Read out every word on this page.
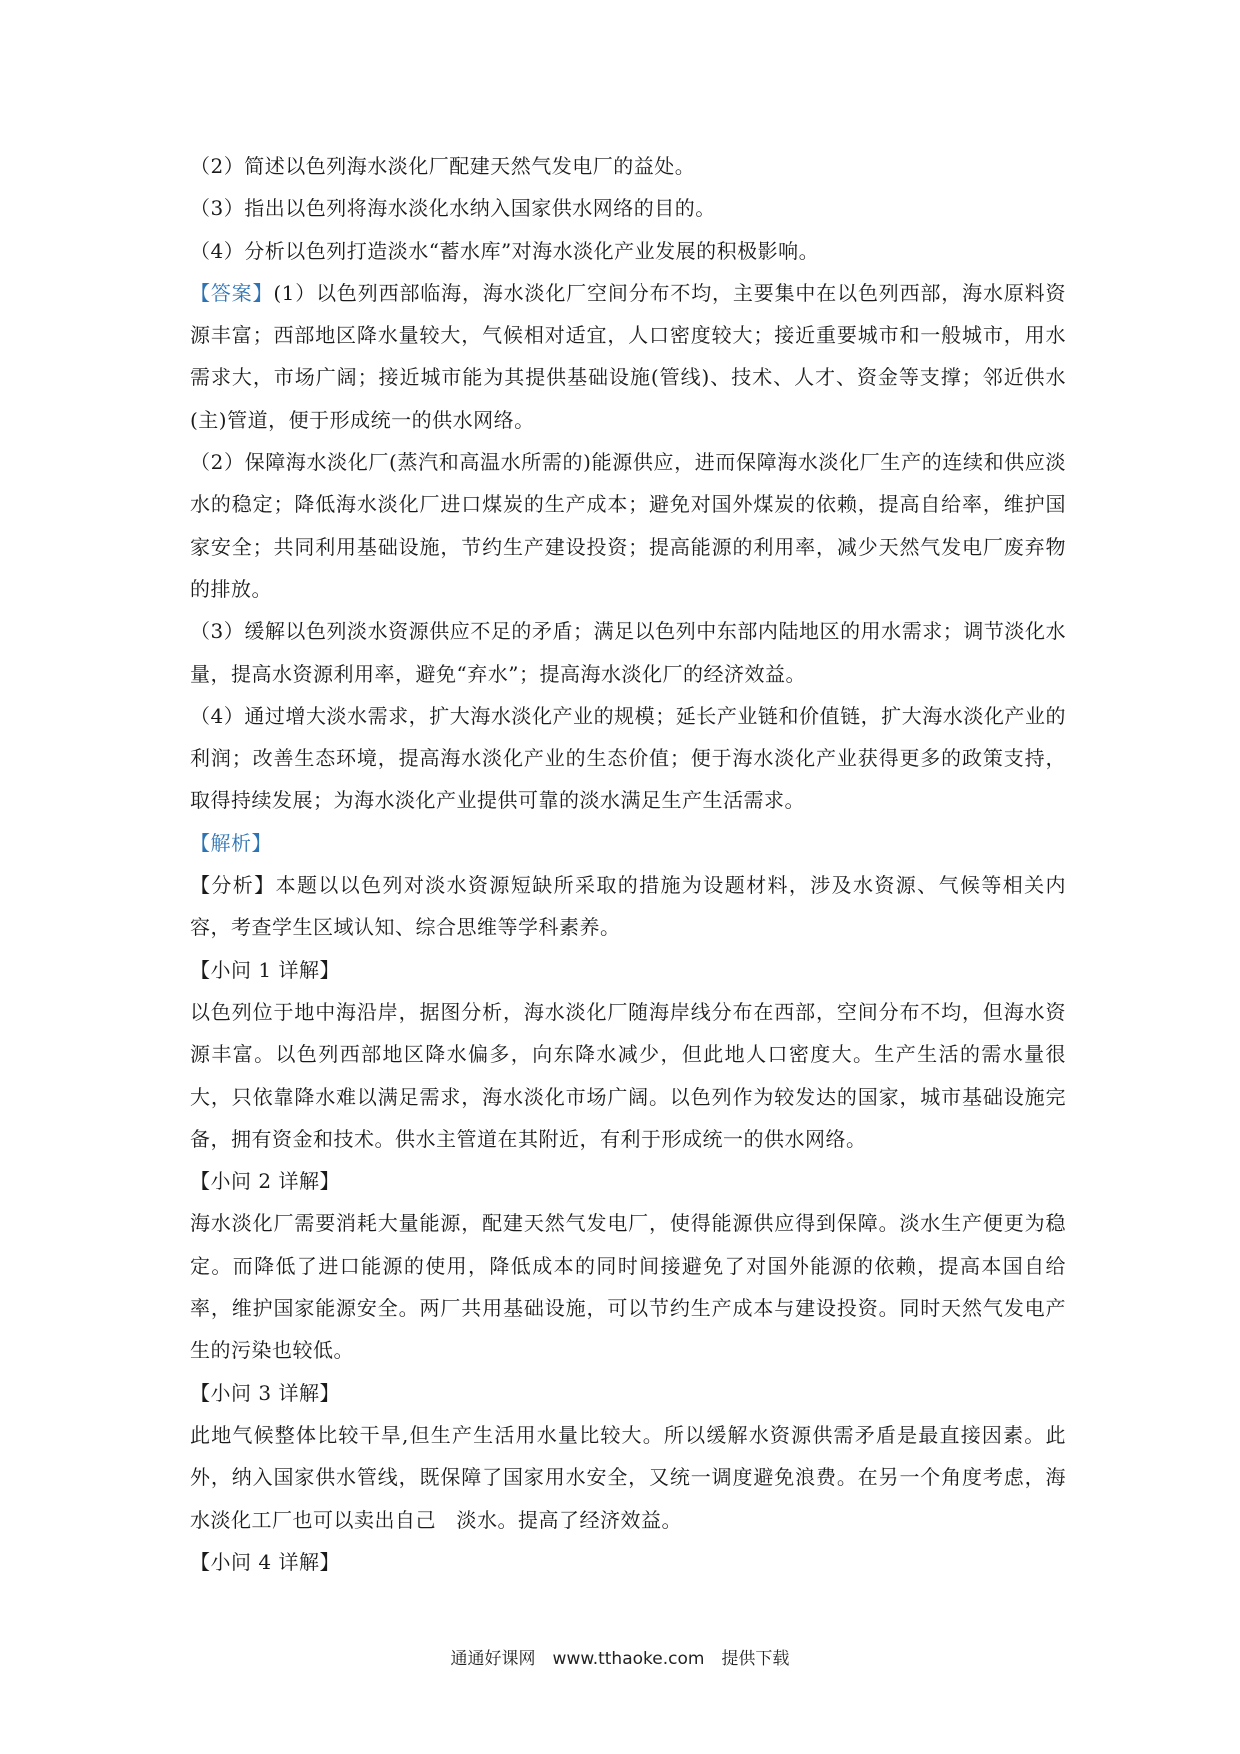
（2）简述以色列海水淡化厂配建天然气发电厂的益处。

（3）指出以色列将海水淡化水纳入国家供水网络的目的。

（4）分析以色列打造淡水“蓄水库”对海水淡化产业发展的积极影响。

【答案】(1）以色列西部临海，海水淡化厂空间分布不均，主要集中在以色列西部，海水原料资源丰富；西部地区降水量较大，气候相对适宜，人口密度较大；接近重要城市和一般城市，用水需求大，市场广阔；接近城市能为其提供基础设施(管线)、技术、人才、资金等支撑；邻近供水(主)管道，便于形成统一的供水网络。

（2）保障海水淡化厂(蒸汽和高温水所需的)能源供应，进而保障海水淡化厂生产的连续和供应淡水的稳定；降低海水淡化厂进口煤炭的生产成本；避免对国外煤炭的依赖，提高自给率，维护国家安全；共同利用基础设施，节约生产建设投资；提高能源的利用率，减少天然气发电厂废弃物的排放。

（3）缓解以色列淡水资源供应不足的矛盾；满足以色列中东部内陆地区的用水需求；调节淡化水量，提高水资源利用率，避免“弃水”；提高海水淡化厂的经济效益。

（4）通过增大淡水需求，扩大海水淡化产业的规模；延长产业链和价值链，扩大海水淡化产业的利润；改善生态环境，提高海水淡化产业的生态价值；便于海水淡化产业获得更多的政策支持，取得持续发展；为海水淡化产业提供可靠的淡水满足生产生活需求。

【解析】

【分析】本题以以色列对淡水资源短缺所采取的措施为设题材料，涉及水资源、气候等相关内容，考查学生区域认知、综合思维等学科素养。

【小问 1 详解】

以色列位于地中海沿岸，据图分析，海水淡化厂随海岸线分布在西部，空间分布不均，但海水资源丰富。以色列西部地区降水偏多，向东降水减少，但此地人口密度大。生产生活的需水量很大，只依靠降水难以满足需求，海水淡化市场广阔。以色列作为较发达的国家，城市基础设施完备，拥有资金和技术。供水主管道在其附近，有利于形成统一的供水网络。

【小问 2 详解】

海水淡化厂需要消耗大量能源，配建天然气发电厂，使得能源供应得到保障。淡水生产便更为稳定。而降低了进口能源的使用，降低成本的同时间接避免了对国外能源的依赖，提高本国自给率，维护国家能源安全。两厂共用基础设施，可以节约生产成本与建设投资。同时天然气发电产生的污染也较低。

【小问 3 详解】

此地气候整体比较干旱,但生产生活用水量比较大。所以缓解水资源供需矛盾是最直接因素。此外，纳入国家供水管线，既保障了国家用水安全，又统一调度避免浪费。在另一个角度考虑，海水淡化工厂也可以卖出自己　淡水。提高了经济效益。

【小问 4 详解】

通通好课网　www.tthaoke.com　提供下载
